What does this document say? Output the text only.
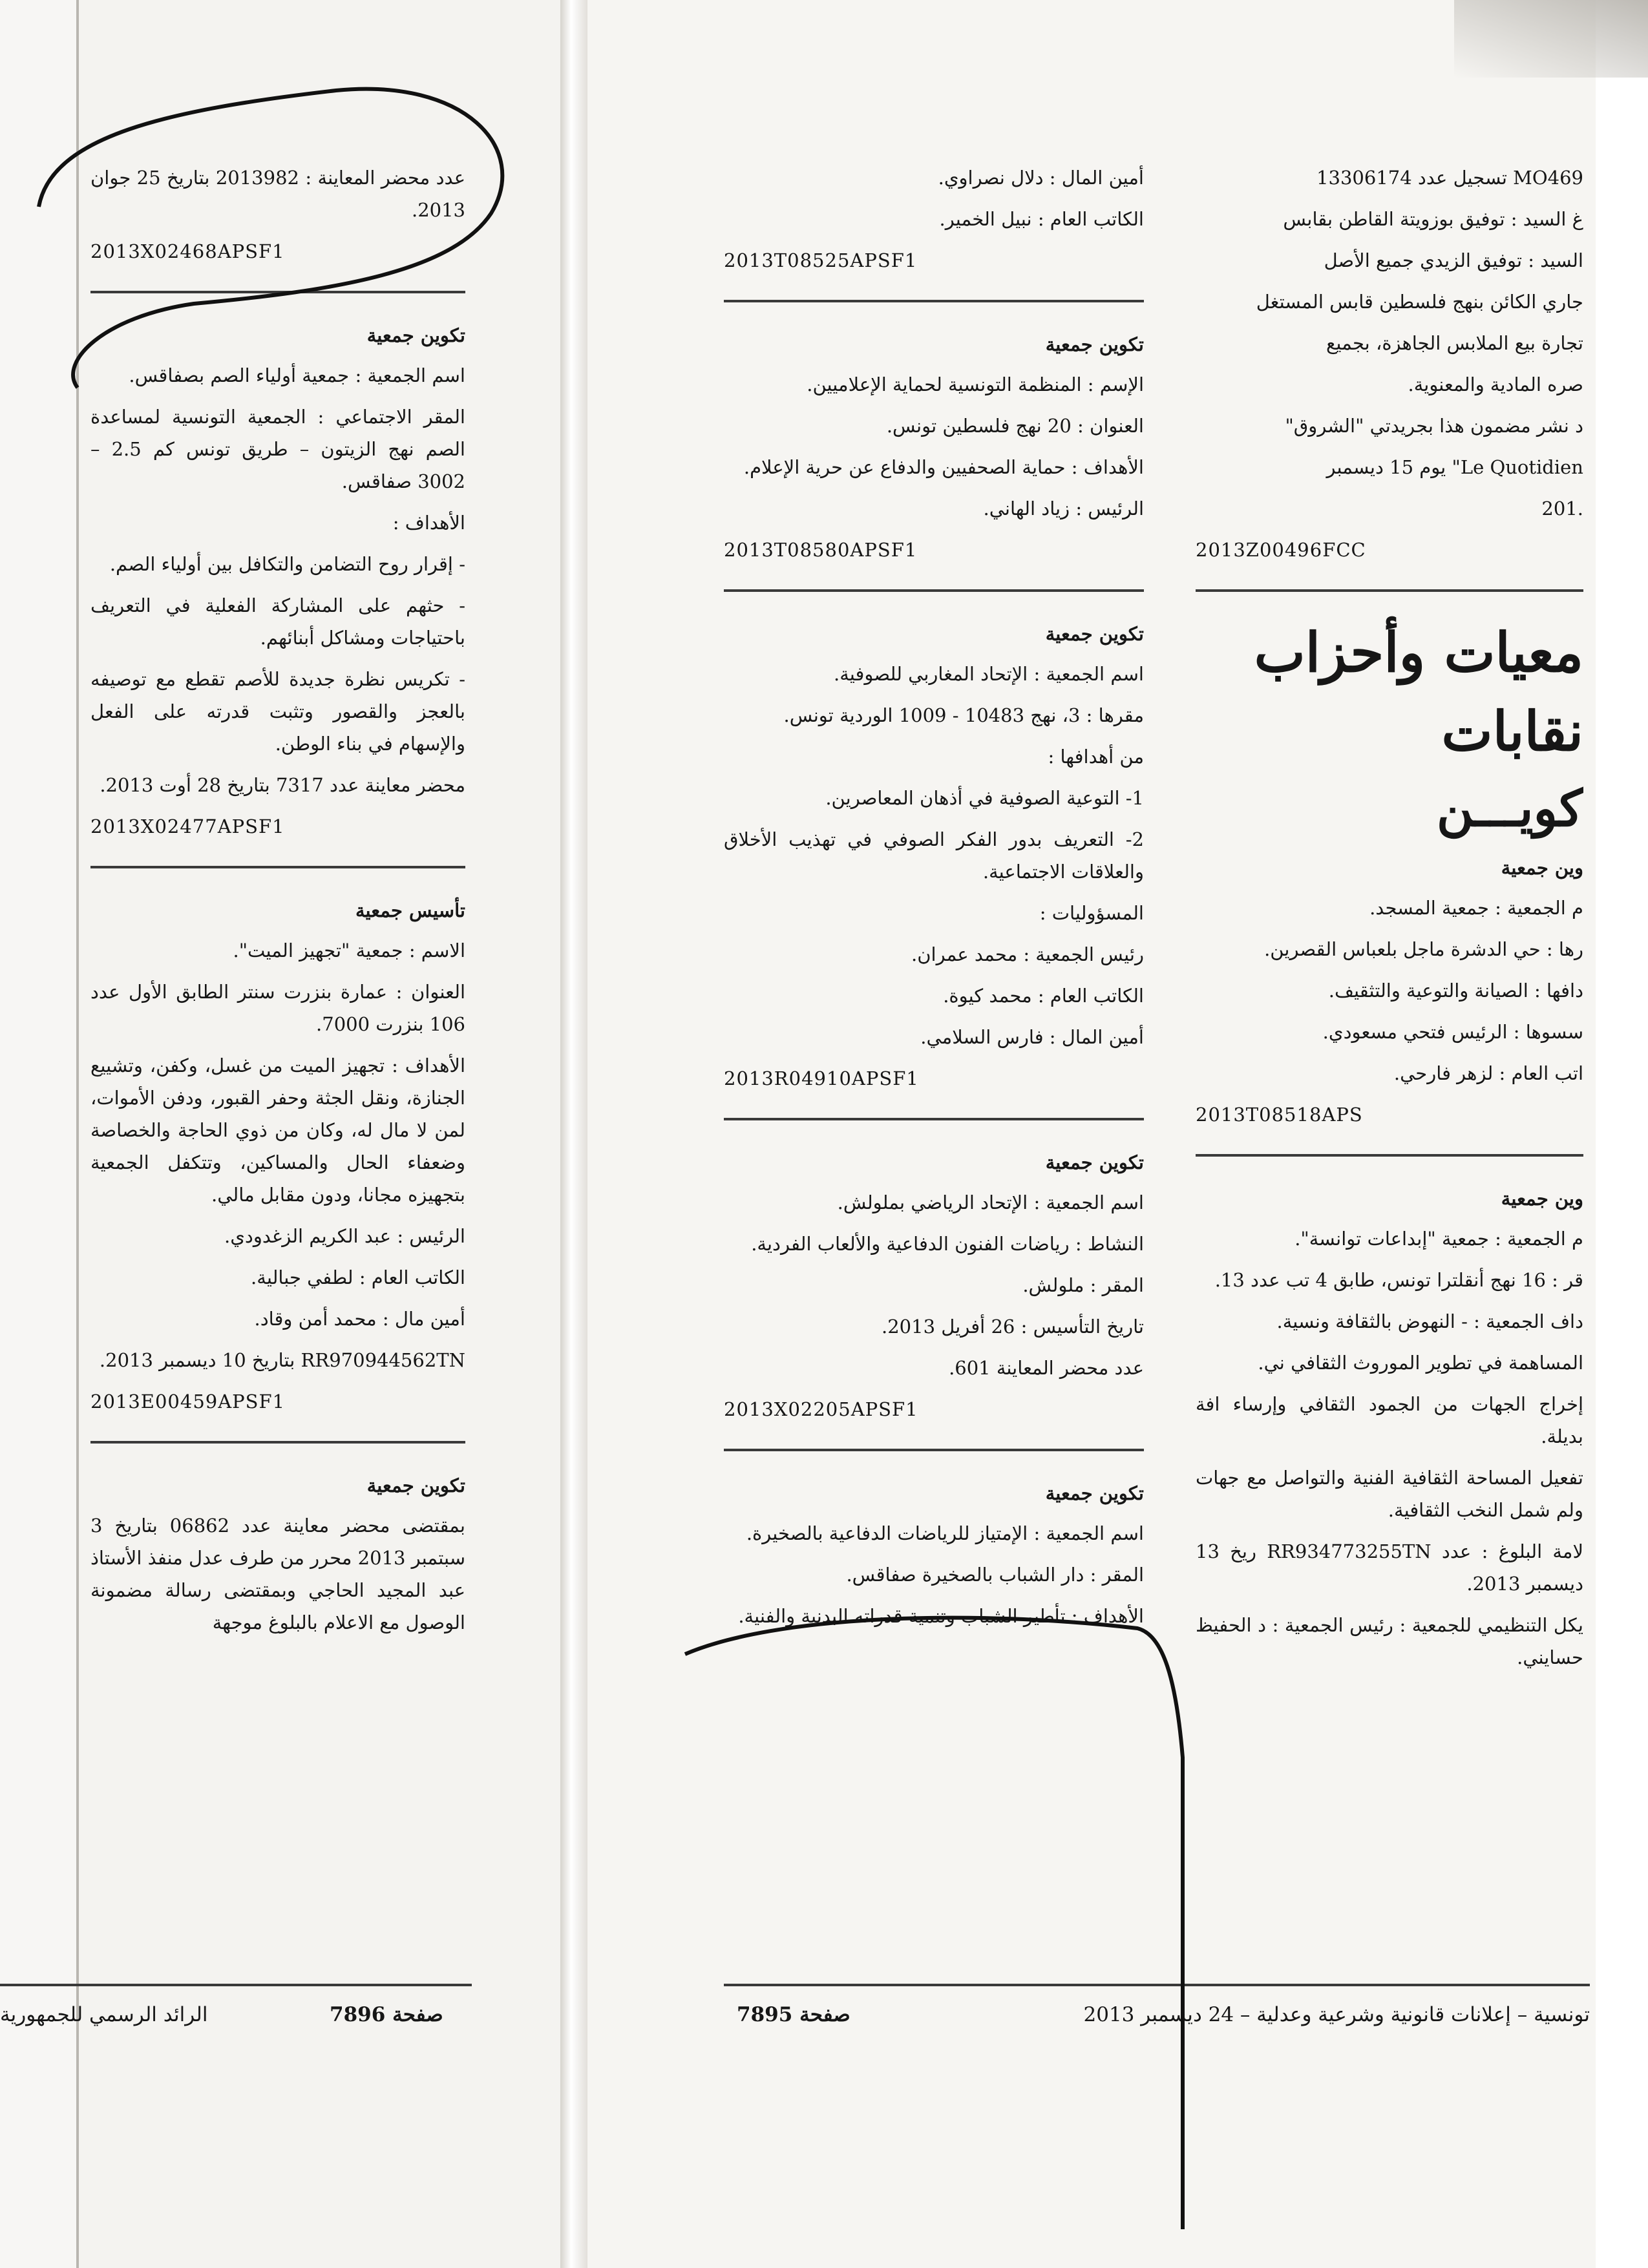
عدد محضر المعاينة : 2013982 بتاريخ 25 جوان 2013.

2013X02468APSF1

تكوين جمعية

اسم الجمعية : جمعية أولياء الصم بصفاقس.

المقر الاجتماعي : الجمعية التونسية لمساعدة الصم نهج الزيتون – طريق تونس كم 2.5 – 3002 صفاقس.

الأهداف :

- إقرار روح التضامن والتكافل بين أولياء الصم.

- حثهم على المشاركة الفعلية في التعريف باحتياجات ومشاكل أبنائهم.

- تكريس نظرة جديدة للأصم تقطع مع توصيفه بالعجز والقصور وتثبت قدرته على الفعل والإسهام في بناء الوطن.

محضر معاينة عدد 7317 بتاريخ 28 أوت 2013.

2013X02477APSF1

تأسيس جمعية

الاسم : جمعية "تجهيز الميت".

العنوان : عمارة بنزرت سنتر الطابق الأول عدد 106 بنزرت 7000.

الأهداف : تجهيز الميت من غسل، وكفن، وتشييع الجنازة، ونقل الجثة وحفر القبور، ودفن الأموات، لمن لا مال له، وكان من ذوي الحاجة والخصاصة وضعفاء الحال والمساكين، وتتكفل الجمعية بتجهيزه مجانا، ودون مقابل مالي.

الرئيس : عبد الكريم الزغدودي.

الكاتب العام : لطفي جبالية.

أمين مال : محمد أمن وقاد.

RR970944562TN بتاريخ 10 ديسمبر 2013.

2013E00459APSF1

تكوين جمعية

بمقتضى محضر معاينة عدد 06862 بتاريخ 3 سبتمبر 2013 محرر من طرف عدل منفذ الأستاذ عبد المجيد الحاجي وبمقتضى رسالة مضمونة الوصول مع الاعلام بالبلوغ موجهة

أمين المال : دلال نصراوي.

الكاتب العام : نبيل الخمير.

2013T08525APSF1

تكوين جمعية

الإسم : المنظمة التونسية لحماية الإعلاميين.

العنوان : 20 نهج فلسطين تونس.

الأهداف : حماية الصحفيين والدفاع عن حرية الإعلام.

الرئيس : زياد الهاني.

2013T08580APSF1

تكوين جمعية

اسم الجمعية : الإتحاد المغاربي للصوفية.

مقرها : 3، نهج 10483 - 1009 الوردية تونس.

من أهدافها :

1- التوعية الصوفية في أذهان المعاصرين.

2- التعريف بدور الفكر الصوفي في تهذيب الأخلاق والعلاقات الاجتماعية.

المسؤوليات :

رئيس الجمعية : محمد عمران.

الكاتب العام : محمد كيوة.

أمين المال : فارس السلامي.

2013R04910APSF1

تكوين جمعية

اسم الجمعية : الإتحاد الرياضي بملولش.

النشاط : رياضات الفنون الدفاعية والألعاب الفردية.

المقر : ملولش.

تاريخ التأسيس : 26 أفريل 2013.

عدد محضر المعاينة 601.

2013X02205APSF1

تكوين جمعية

اسم الجمعية : الإمتياز للرياضات الدفاعية بالصخيرة.

المقر : دار الشباب بالصخيرة صفاقس.

الأهداف : تأطير الشباب وتنمية قدراته البدنية والفنية.

MO469 تسجيل عدد 13306174

غ السيد : توفيق بوزويتة القاطن بقابس

السيد : توفيق الزيدي جميع الأصل

جاري الكائن بنهج فلسطين قابس المستغل

تجارة بيع الملابس الجاهزة، بجميع

صره المادية والمعنوية.

د نشر مضمون هذا بجريدتي "الشروق"

Le Quotidien" يوم 15 ديسمبر

.201

2013Z00496FCC

معيات وأحزاب

نقابات

كويـــن

وين جمعية

م الجمعية : جمعية المسجد.

رها : حي الدشرة ماجل بلعباس القصرين.

دافها : الصيانة والتوعية والتثقيف.

سسوها : الرئيس فتحي مسعودي.

اتب العام : لزهر فارحي.

2013T08518APS

وين جمعية

م الجمعية : جمعية "إبداعات توانسة".

قر : 16 نهج أنقلترا تونس، طابق 4 تب عدد 13.

داف الجمعية : - النهوض بالثقافة ونسية.

المساهمة في تطوير الموروث الثقافي ني.

إخراج الجهات من الجمود الثقافي وإرساء افة بديلة.

تفعيل المساحة الثقافية الفنية والتواصل مع جهات ولم شمل النخب الثقافية.

لامة البلوغ : عدد RR934773255TN ريخ 13 ديسمبر 2013.

يكل التنظيمي للجمعية : رئيس الجمعية : د الحفيظ حسايني.

صفحة 7896
الرائد الرسمي للجمهورية	صفحة 7895	تونسية – إعلانات قانونية وشرعية وعدلية – 24 ديسمبر 2013
